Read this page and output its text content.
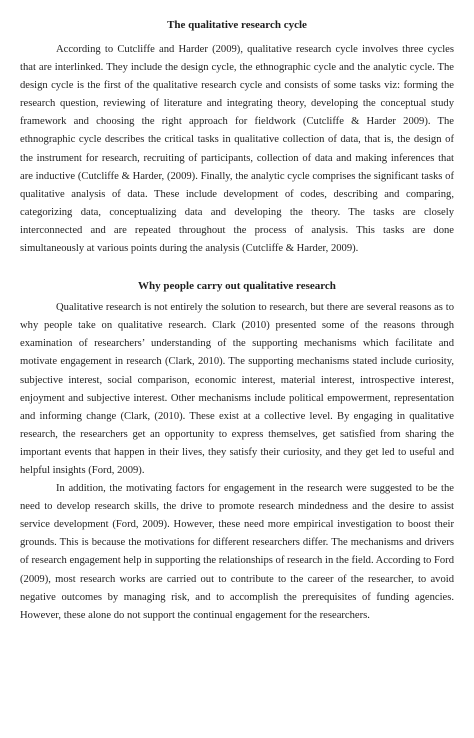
The qualitative research cycle

According to Cutcliffe and Harder (2009), qualitative research cycle involves three cycles that are interlinked. They include the design cycle, the ethnographic cycle and the analytic cycle. The design cycle is the first of the qualitative research cycle and consists of some tasks viz: forming the research question, reviewing of literature and integrating theory, developing the conceptual study framework and choosing the right approach for fieldwork (Cutcliffe & Harder 2009). The ethnographic cycle describes the critical tasks in qualitative collection of data, that is, the design of the instrument for research, recruiting of participants, collection of data and making inferences that are inductive (Cutcliffe & Harder, (2009). Finally, the analytic cycle comprises the significant tasks of qualitative analysis of data. These include development of codes, describing and comparing, categorizing data, conceptualizing data and developing the theory. The tasks are closely interconnected and are repeated throughout the process of analysis. This tasks are done simultaneously at various points during the analysis (Cutcliffe & Harder, 2009).

Why people carry out qualitative research

Qualitative research is not entirely the solution to research, but there are several reasons as to why people take on qualitative research. Clark (2010) presented some of the reasons through examination of researchers’ understanding of the supporting mechanisms which facilitate and motivate engagement in research (Clark, 2010). The supporting mechanisms stated include curiosity, subjective interest, social comparison, economic interest, material interest, introspective interest, enjoyment and subjective interest. Other mechanisms include political empowerment, representation and informing change (Clark, (2010). These exist at a collective level. By engaging in qualitative research, the researchers get an opportunity to express themselves, get satisfied from sharing the important events that happen in their lives, they satisfy their curiosity, and they get led to useful and helpful insights (Ford, 2009).

In addition, the motivating factors for engagement in the research were suggested to be the need to develop research skills, the drive to promote research mindedness and the desire to assist service development (Ford, 2009). However, these need more empirical investigation to boost their grounds. This is because the motivations for different researchers differ. The mechanisms and drivers of research engagement help in supporting the relationships of research in the field. According to Ford (2009), most research works are carried out to contribute to the career of the researcher, to avoid negative outcomes by managing risk, and to accomplish the prerequisites of funding agencies. However, these alone do not support the continual engagement for the researchers.
